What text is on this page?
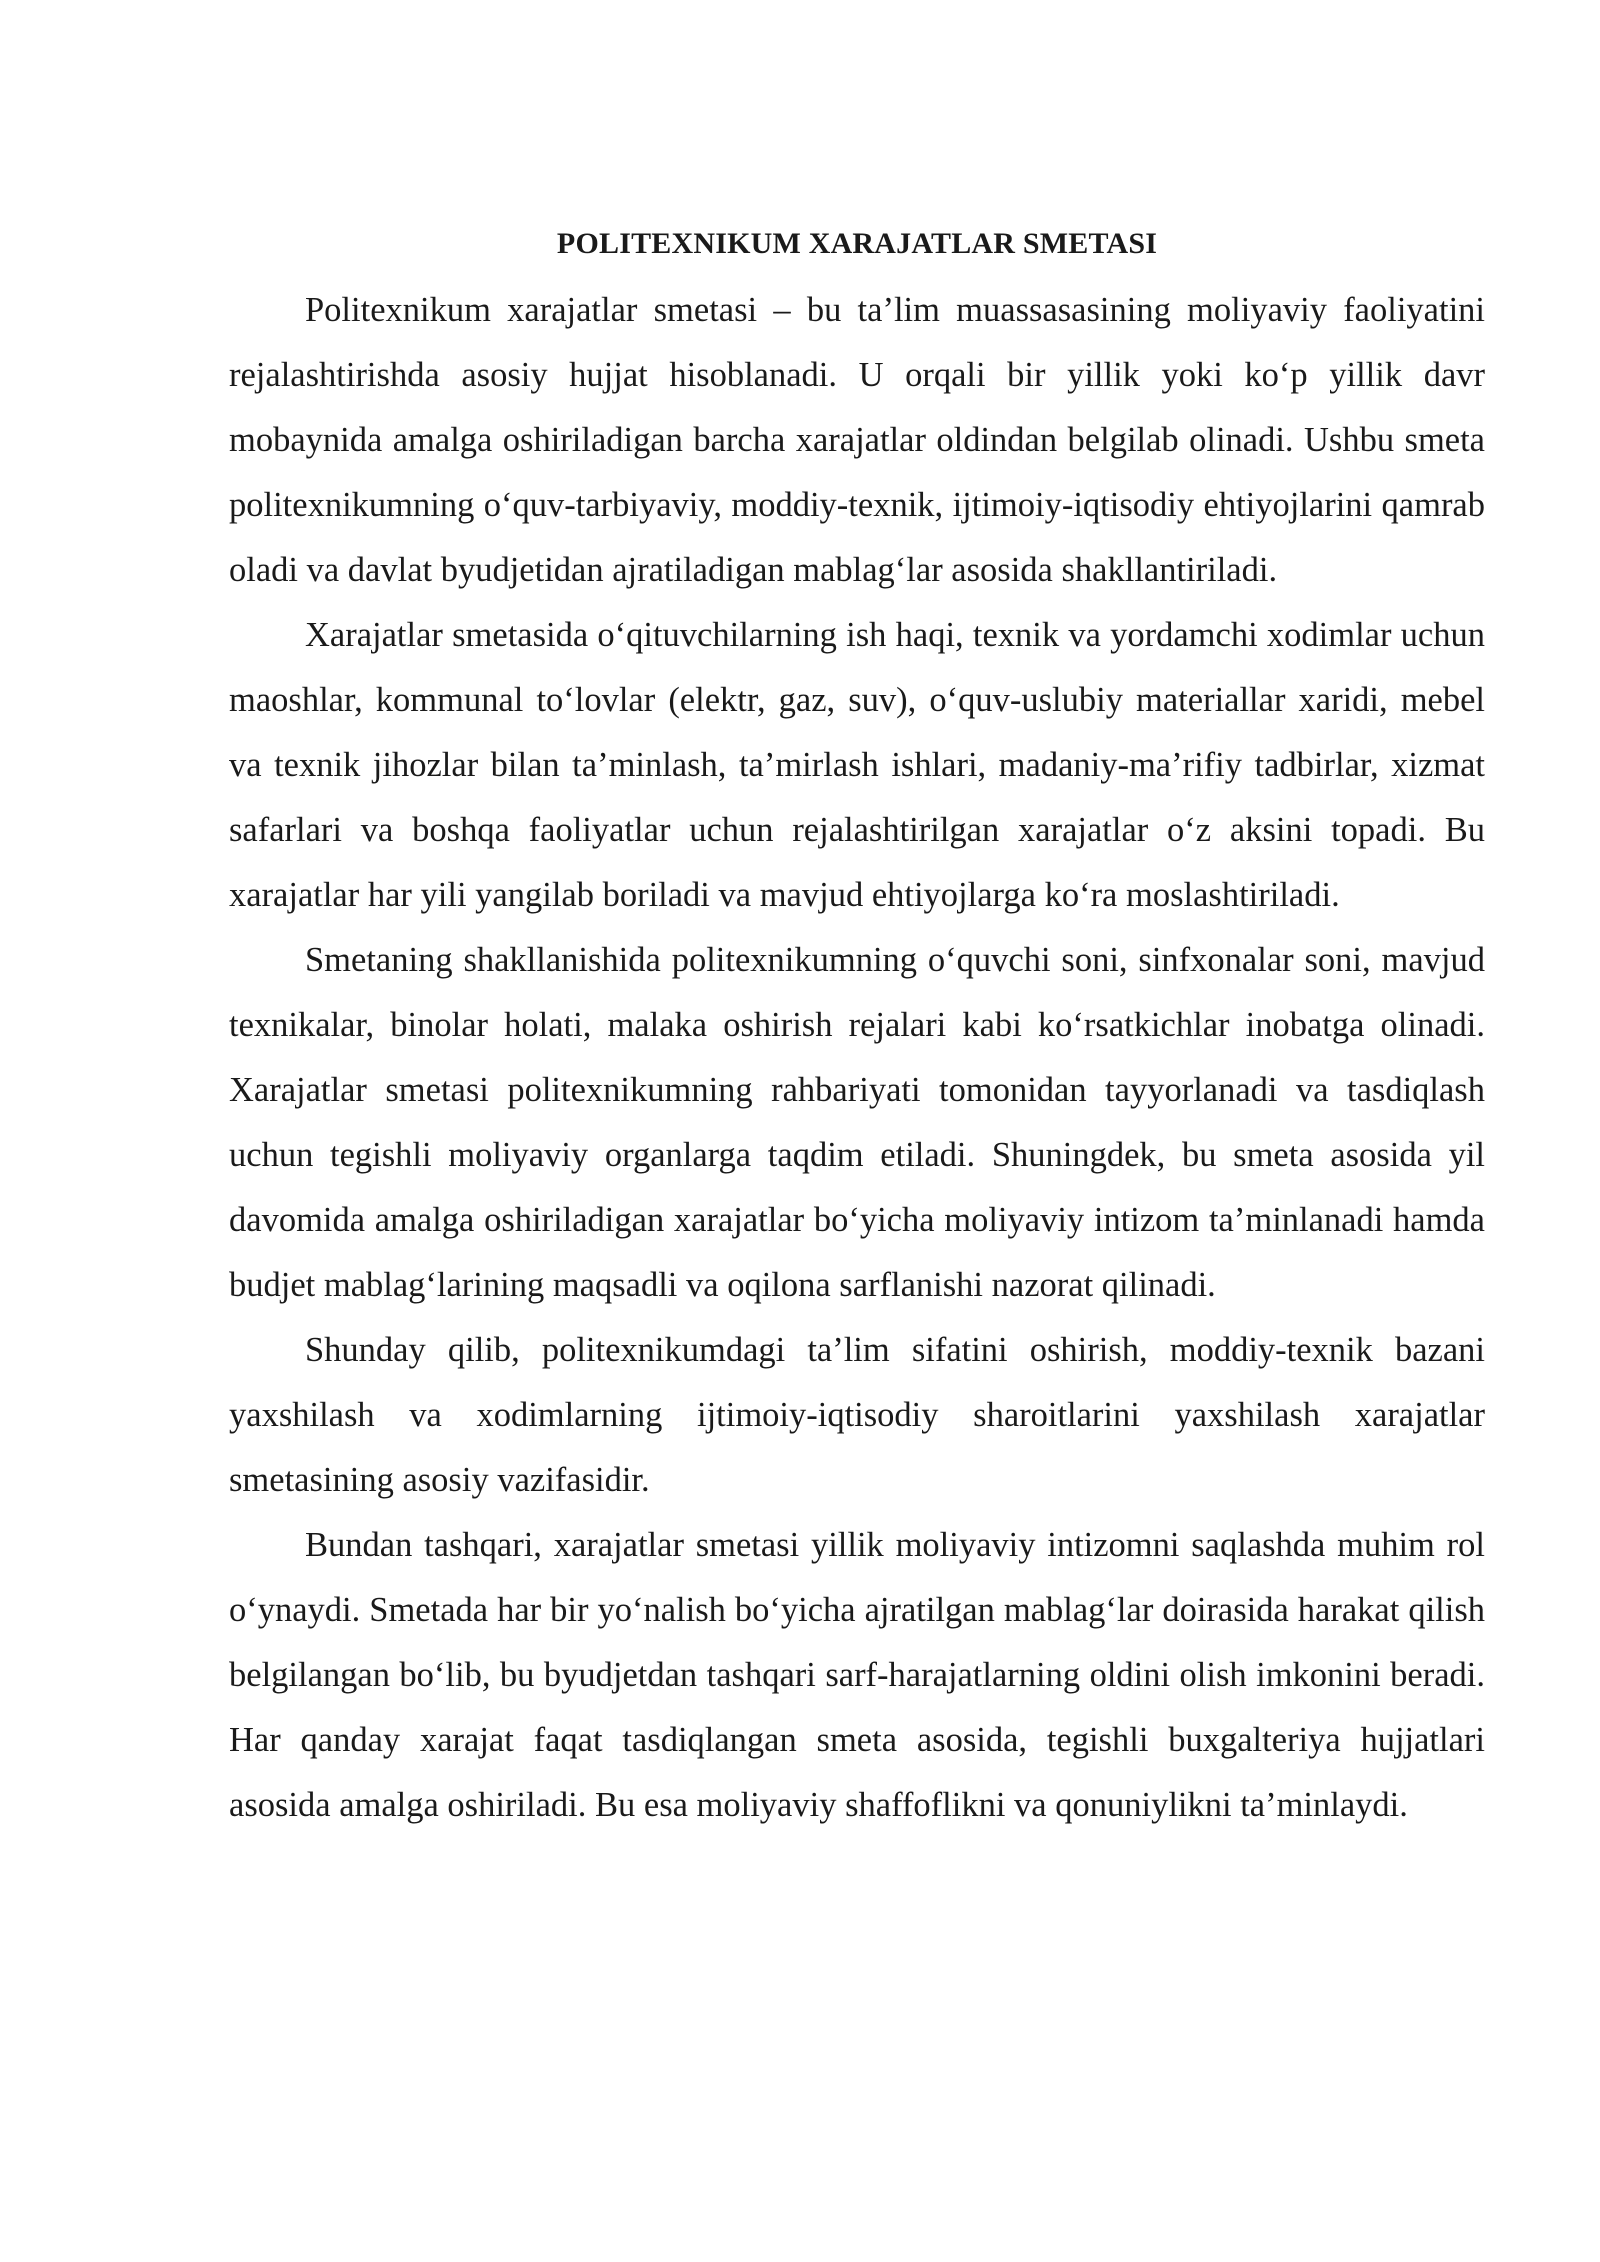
POLITEXNIKUM XARAJATLAR SMETASI

Politexnikum xarajatlar smetasi – bu ta’lim muassasasining moliyaviy faoliyatini rejalashtirishda asosiy hujjat hisoblanadi. U orqali bir yillik yoki ko‘p yillik davr mobaynida amalga oshiriladigan barcha xarajatlar oldindan belgilab olinadi. Ushbu smeta politexnikumning o‘quv-tarbiyaviy, moddiy-texnik, ijtimoiy-iqtisodiy ehtiyojlarini qamrab oladi va davlat byudjetidan ajratiladigan mablag‘lar asosida shakllantiriladi.

Xarajatlar smetasida o‘qituvchilarning ish haqi, texnik va yordamchi xodimlar uchun maoshlar, kommunal to‘lovlar (elektr, gaz, suv), o‘quv-uslubiy materiallar xaridi, mebel va texnik jihozlar bilan ta’minlash, ta’mirlash ishlari, madaniy-ma’rifiy tadbirlar, xizmat safarlari va boshqa faoliyatlar uchun rejalashtirilgan xarajatlar o‘z aksini topadi. Bu xarajatlar har yili yangilab boriladi va mavjud ehtiyojlarga ko‘ra moslashtiriladi.

Smetaning shakllanishida politexnikumning o‘quvchi soni, sinfxonalar soni, mavjud texnikalar, binolar holati, malaka oshirish rejalari kabi ko‘rsatkichlar inobatga olinadi. Xarajatlar smetasi politexnikumning rahbariyati tomonidan tayyorlanadi va tasdiqlash uchun tegishli moliyaviy organlarga taqdim etiladi. Shuningdek, bu smeta asosida yil davomida amalga oshiriladigan xarajatlar bo‘yicha moliyaviy intizom ta’minlanadi hamda budjet mablag‘larining maqsadli va oqilona sarflanishi nazorat qilinadi.

Shunday qilib, politexnikumdagi ta’lim sifatini oshirish, moddiy-texnik bazani yaxshilash va xodimlarning ijtimoiy-iqtisodiy sharoitlarini yaxshilash xarajatlar smetasining asosiy vazifasidir.

Bundan tashqari, xarajatlar smetasi yillik moliyaviy intizomni saqlashda muhim rol o‘ynaydi. Smetada har bir yo‘nalish bo‘yicha ajratilgan mablag‘lar doirasida harakat qilish belgilangan bo‘lib, bu byudjetdan tashqari sarf-harajatlarning oldini olish imkonini beradi. Har qanday xarajat faqat tasdiqlangan smeta asosida, tegishli buxgalteriya hujjatlari asosida amalga oshiriladi. Bu esa moliyaviy shaffoflikni va qonuniylikni ta’minlaydi.
